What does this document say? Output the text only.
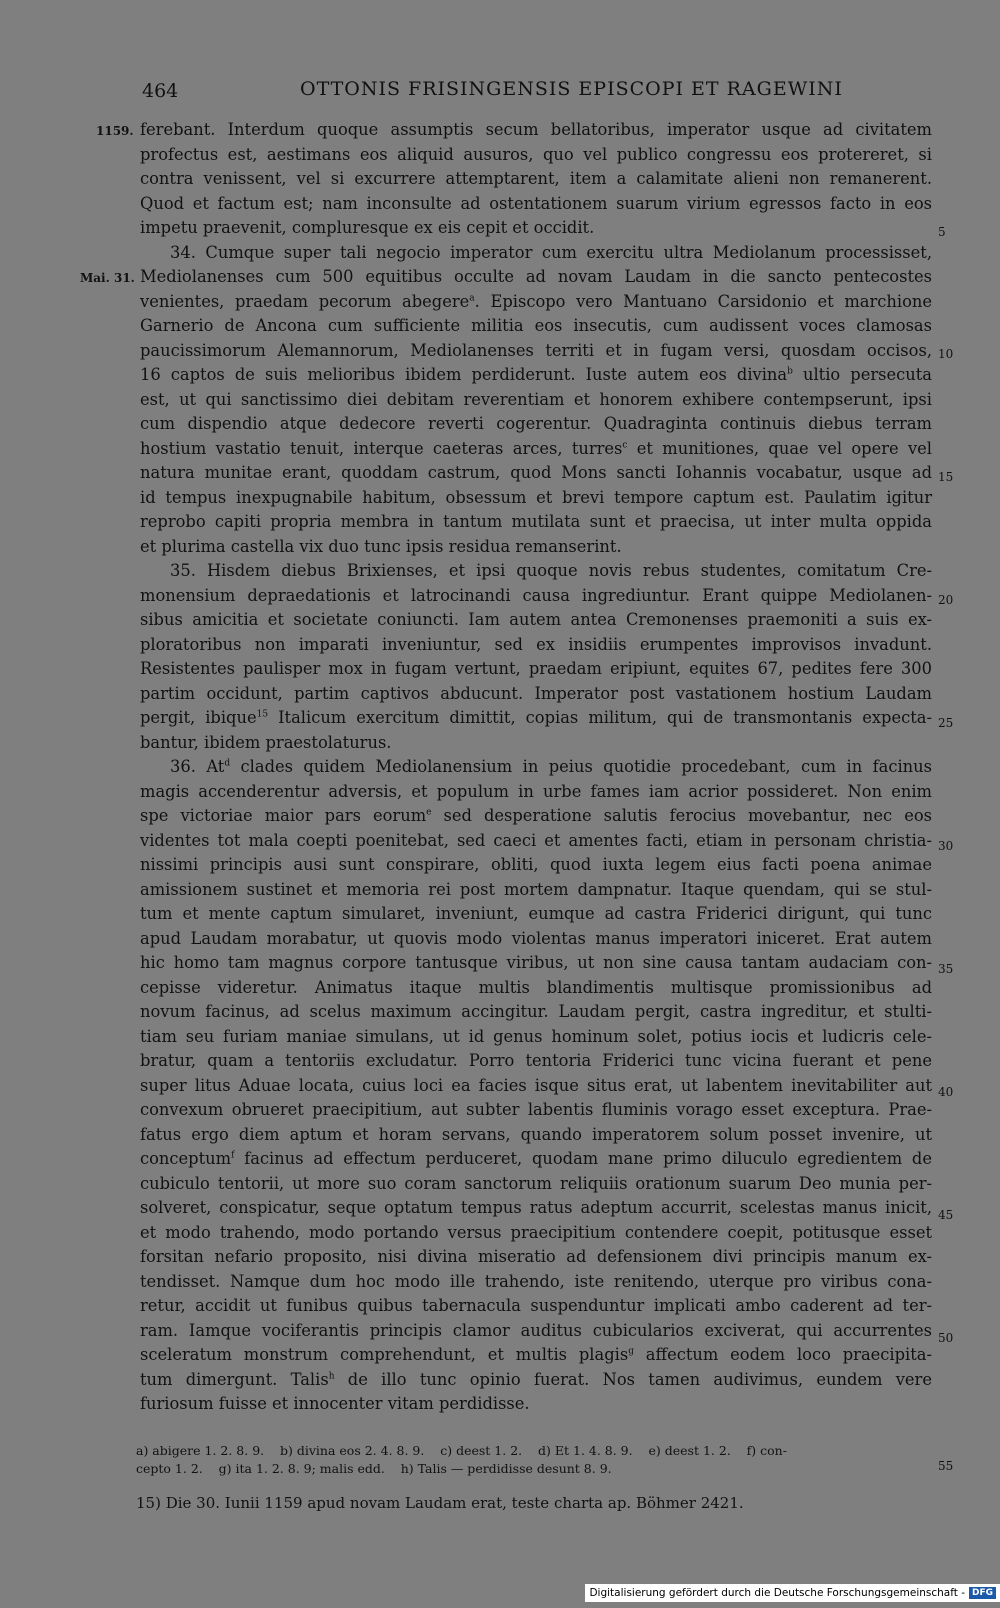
464	OTTONIS FRISINGENSIS EPISCOPI ET RAGEWINI
1159.
Mai. 31.
5
10
15
20
25
30
35
40
45
50
55
ferebant. Interdum quoque assumptis secum bellatoribus, imperator usque ad civitatem
profectus est, aestimans eos aliquid ausuros, quo vel publico congressu eos protereret, si
contra venissent, vel si excurrere attemptarent, item a calamitate alieni non remanerent.
Quod et factum est; nam inconsulte ad ostentationem suarum virium egressos facto in eos
impetu praevenit, compluresque ex eis cepit et occidit.
34. Cumque super tali negocio imperator cum exercitu ultra Mediolanum processisset,
Mediolanenses cum 500 equitibus occulte ad novam Laudam in die sancto pentecostes
venientes, praedam pecorum abegere$^a$. Episcopo vero Mantuano Carsidonio et marchione
Garnerio de Ancona cum sufficiente militia eos insecutis, cum audissent voces clamosas
paucissimorum Alemannorum, Mediolanenses territi et in fugam versi, quosdam occisos,
16 captos de suis melioribus ibidem perdiderunt. Iuste autem eos divina$^b$ ultio persecuta
est, ut qui sanctissimo diei debitam reverentiam et honorem exhibere contempserunt, ipsi
cum dispendio atque dedecore reverti cogerentur. Quadraginta continuis diebus terram
hostium vastatio tenuit, interque caeteras arces, turres$^c$ et munitiones, quae vel opere vel
natura munitae erant, quoddam castrum, quod Mons sancti Iohannis vocabatur, usque ad
id tempus inexpugnabile habitum, obsessum et brevi tempore captum est. Paulatim igitur
reprobo capiti propria membra in tantum mutilata sunt et praecisa, ut inter multa oppida
et plurima castella vix duo tunc ipsis residua remanserint.
35. Hisdem diebus Brixienses, et ipsi quoque novis rebus studentes, comitatum Cre-
monensium depraedationis et latrocinandi causa ingrediuntur. Erant quippe Mediolanen-
sibus amicitia et societate coniuncti. Iam autem antea Cremonenses praemoniti a suis ex-
ploratoribus non imparati inveniuntur, sed ex insidiis erumpentes improvisos invadunt.
Resistentes paulisper mox in fugam vertunt, praedam eripiunt, equites 67, pedites fere 300
partim occidunt, partim captivos abducunt. Imperator post vastationem hostium Laudam
pergit, ibique$^{15}$ Italicum exercitum dimittit, copias militum, qui de transmontanis expecta-
bantur, ibidem praestolaturus.
36. At$^d$ clades quidem Mediolanensium in peius quotidie procedebant, cum in facinus
magis accenderentur adversis, et populum in urbe fames iam acrior possideret. Non enim
spe victoriae maior pars eorum$^e$ sed desperatione salutis ferocius movebantur, nec eos
videntes tot mala coepti poenitebat, sed caeci et amentes facti, etiam in personam christia-
nissimi principis ausi sunt conspirare, obliti, quod iuxta legem eius facti poena animae
amissionem sustinet et memoria rei post mortem dampnatur. Itaque quendam, qui se stul-
tum et mente captum simularet, inveniunt, eumque ad castra Friderici dirigunt, qui tunc
apud Laudam morabatur, ut quovis modo violentas manus imperatori iniceret. Erat autem
hic homo tam magnus corpore tantusque viribus, ut non sine causa tantam audaciam con-
cepisse videretur. Animatus itaque multis blandimentis multisque promissionibus ad
novum facinus, ad scelus maximum accingitur. Laudam pergit, castra ingreditur, et stulti-
tiam seu furiam maniae simulans, ut id genus hominum solet, potius iocis et ludicris cele-
bratur, quam a tentoriis excludatur. Porro tentoria Friderici tunc vicina fuerant et pene
super litus Aduae locata, cuius loci ea facies isque situs erat, ut labentem inevitabiliter aut
convexum obrueret praecipitium, aut subter labentis fluminis vorago esset exceptura. Prae-
fatus ergo diem aptum et horam servans, quando imperatorem solum posset invenire, ut
conceptum$^f$ facinus ad effectum perduceret, quodam mane primo diluculo egredientem de
cubiculo tentorii, ut more suo coram sanctorum reliquiis orationum suarum Deo munia per-
solveret, conspicatur, seque optatum tempus ratus adeptum accurrit, scelestas manus inicit,
et modo trahendo, modo portando versus praecipitium contendere coepit, potitusque esset
forsitan nefario proposito, nisi divina miseratio ad defensionem divi principis manum ex-
tendisset. Namque dum hoc modo ille trahendo, iste renitendo, uterque pro viribus cona-
retur, accidit ut funibus quibus tabernacula suspenduntur implicati ambo caderent ad ter-
ram. Iamque vociferantis principis clamor auditus cubicularios exciverat, qui accurrentes
sceleratum monstrum comprehendunt, et multis plagis$^g$ affectum eodem loco praecipita-
tum dimergunt. Talis$^h$ de illo tunc opinio fuerat. Nos tamen audivimus, eundem vere
furiosum fuisse et innocenter vitam perdidisse.
a) abigere 1. 2. 8. 9.    b) divina eos 2. 4. 8. 9.    c) deest 1. 2.    d) Et 1. 4. 8. 9.    e) deest 1. 2.    f) con-
cepto 1. 2.    g) ita 1. 2. 8. 9; malis edd.    h) Talis — perdidisse desunt 8. 9.
15) Die 30. Iunii 1159 apud novam Laudam erat, teste charta ap. Böhmer 2421.
Digitalisierung gefördert durch die Deutsche Forschungsgemeinschaft - DFG
